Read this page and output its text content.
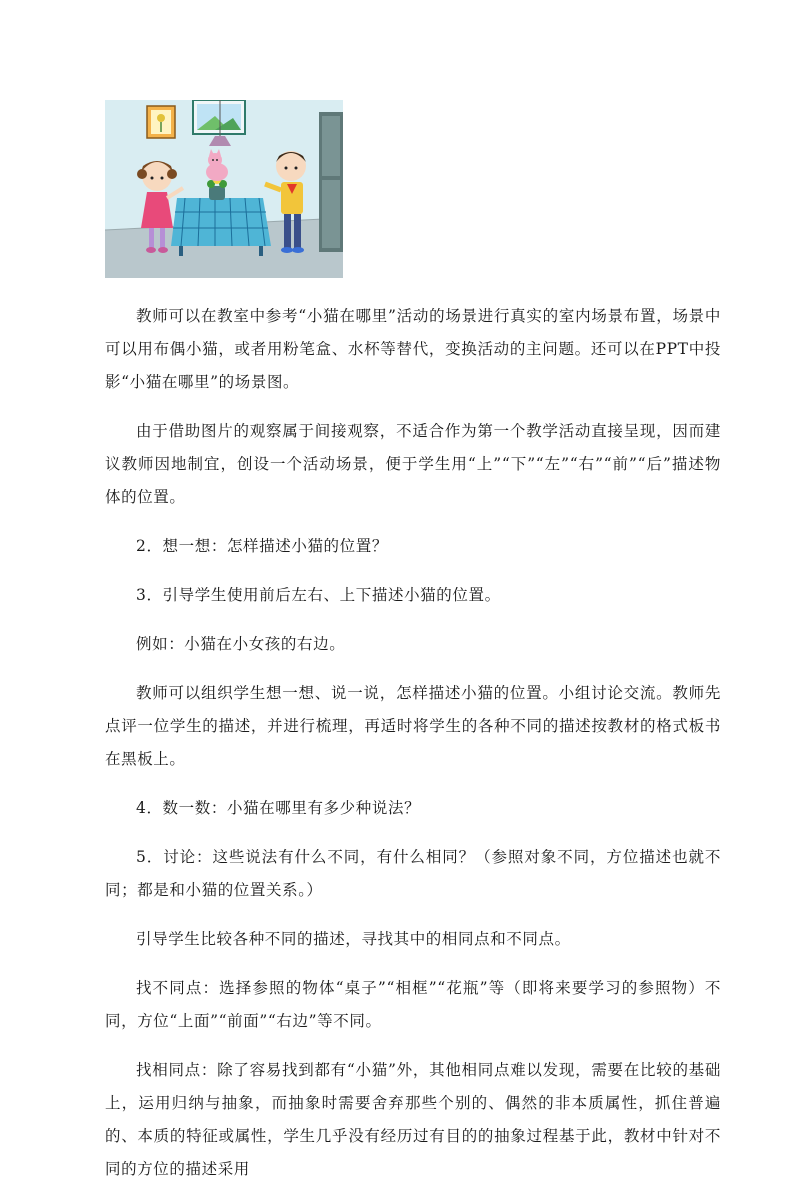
教师可以在教室中参考“小猫在哪里”活动的场景进行真实的室内场景布置，场景中可以用布偶小猫，或者用粉笔盒、水杯等替代，变换活动的主问题。还可以在PPT中投影“小猫在哪里”的场景图。

由于借助图片的观察属于间接观察，不适合作为第一个教学活动直接呈现，因而建议教师因地制宜，创设一个活动场景，便于学生用“上”“下”“左”“右”“前”“后”描述物体的位置。

2．想一想：怎样描述小猫的位置？

3．引导学生使用前后左右、上下描述小猫的位置。

例如：小猫在小女孩的右边。

教师可以组织学生想一想、说一说，怎样描述小猫的位置。小组讨论交流。教师先点评一位学生的描述，并进行梳理，再适时将学生的各种不同的描述按教材的格式板书在黑板上。

4．数一数：小猫在哪里有多少种说法？

5．讨论：这些说法有什么不同，有什么相同？（参照对象不同，方位描述也就不同；都是和小猫的位置关系。）

引导学生比较各种不同的描述，寻找其中的相同点和不同点。

找不同点：选择参照的物体“桌子”“相框”“花瓶”等（即将来要学习的参照物）不同，方位“上面”“前面”“右边”等不同。

找相同点：除了容易找到都有“小猫”外，其他相同点难以发现，需要在比较的基础上，运用归纳与抽象，而抽象时需要舍弃那些个别的、偶然的非本质属性，抓住普遍的、本质的特征或属性，学生几乎没有经历过有目的的抽象过程基于此，教材中针对不同的方位的描述采用
